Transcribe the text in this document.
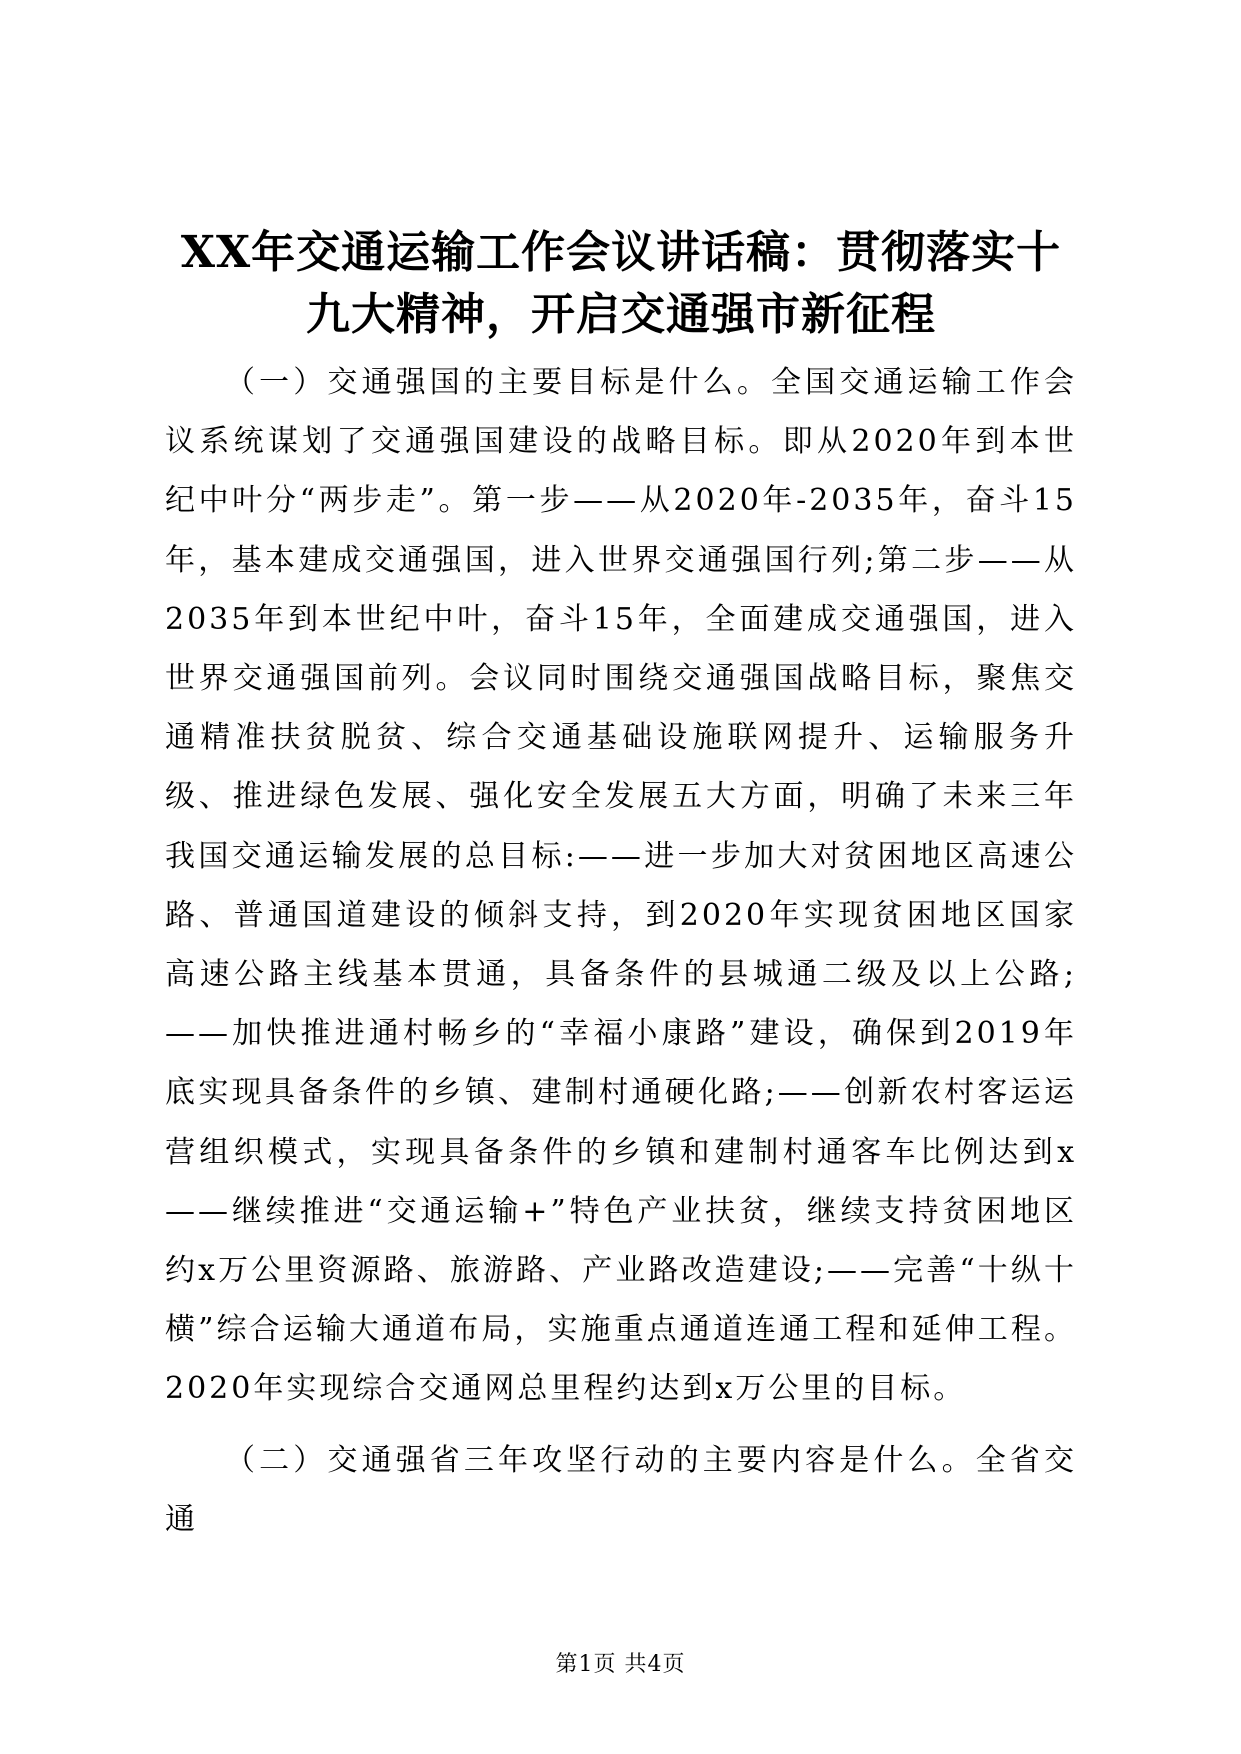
XX年交通运输工作会议讲话稿：贯彻落实十
九大精神，开启交通强市新征程

（一）交通强国的主要目标是什么。全国交通运输工作会议系统谋划了交通强国建设的战略目标。即从2020年到本世纪中叶分“两步走”。第一步——从2020年-2035年，奋斗15年，基本建成交通强国，进入世界交通强国行列;第二步——从2035年到本世纪中叶，奋斗15年，全面建成交通强国，进入世界交通强国前列。会议同时围绕交通强国战略目标，聚焦交通精准扶贫脱贫、综合交通基础设施联网提升、运输服务升级、推进绿色发展、强化安全发展五大方面，明确了未来三年我国交通运输发展的总目标:——进一步加大对贫困地区高速公路、普通国道建设的倾斜支持，到2020年实现贫困地区国家高速公路主线基本贯通，具备条件的县城通二级及以上公路;——加快推进通村畅乡的“幸福小康路”建设，确保到2019年底实现具备条件的乡镇、建制村通硬化路;——创新农村客运运营组织模式，实现具备条件的乡镇和建制村通客车比例达到x——继续推进“交通运输+”特色产业扶贫，继续支持贫困地区约x万公里资源路、旅游路、产业路改造建设;——完善“十纵十横”综合运输大通道布局，实施重点通道连通工程和延伸工程。2020年实现综合交通网总里程约达到x万公里的目标。

（二）交通强省三年攻坚行动的主要内容是什么。全省交通

第1页 共4页
